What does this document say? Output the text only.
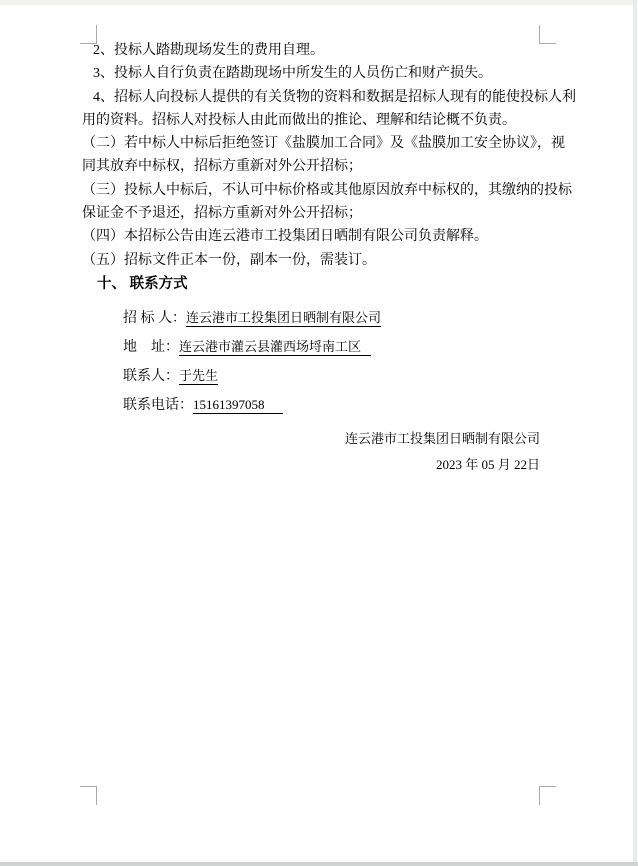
2、投标人踏勘现场发生的费用自理。
3、投标人自行负责在踏勘现场中所发生的人员伤亡和财产损失。
4、招标人向投标人提供的有关货物的资料和数据是招标人现有的能使投标人利
用的资料。招标人对投标人由此而做出的推论、理解和结论概不负责。
（二）若中标人中标后拒绝签订《盐膜加工合同》及《盐膜加工安全协议》，视
同其放弃中标权，招标方重新对外公开招标；
（三）投标人中标后，不认可中标价格或其他原因放弃中标权的，其缴纳的投标
保证金不予退还，招标方重新对外公开招标；
（四）本招标公告由连云港市工投集团日晒制有限公司负责解释。
（五）招标文件正本一份，副本一份，需装订。
十、 联系方式
招 标 人：连云港市工投集团日晒制有限公司
地　址：连云港市灌云县灌西场埒南工区
联系人：于先生
联系电话：15161397058
连云港市工投集团日晒制有限公司
2023 年 05 月 22日
